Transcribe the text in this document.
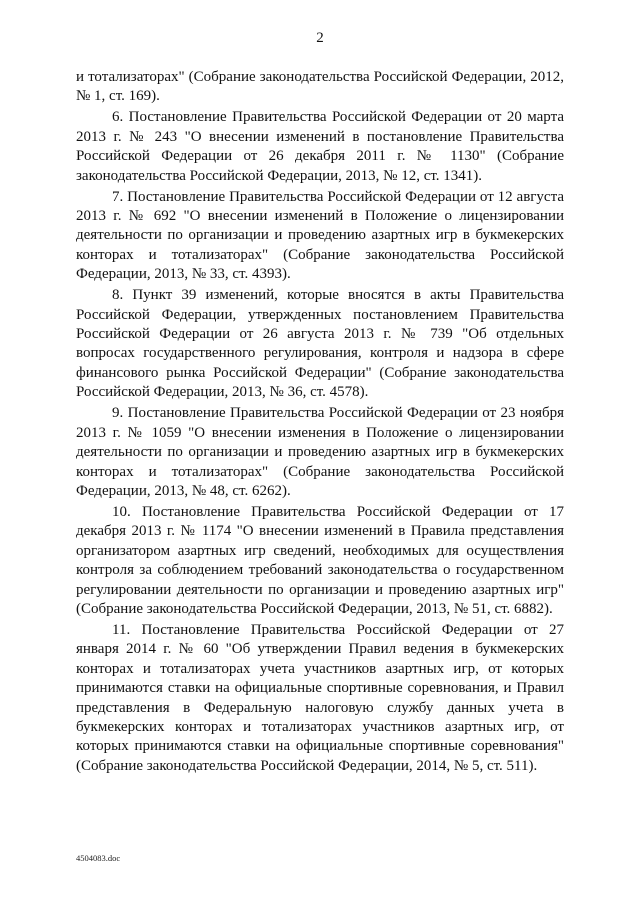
2

и тотализаторах" (Собрание законодательства Российской Федерации, 2012, № 1, ст. 169).

6. Постановление Правительства Российской Федерации от 20 марта 2013 г. № 243 "О внесении изменений в постановление Правительства Российской Федерации от 26 декабря 2011 г. № 1130" (Собрание законодательства Российской Федерации, 2013, № 12, ст. 1341).

7. Постановление Правительства Российской Федерации от 12 августа 2013 г. № 692 "О внесении изменений в Положение о лицензировании деятельности по организации и проведению азартных игр в букмекерских конторах и тотализаторах" (Собрание законодательства Российской Федерации, 2013, № 33, ст. 4393).

8. Пункт 39 изменений, которые вносятся в акты Правительства Российской Федерации, утвержденных постановлением Правительства Российской Федерации от 26 августа 2013 г. № 739 "Об отдельных вопросах государственного регулирования, контроля и надзора в сфере финансового рынка Российской Федерации" (Собрание законодательства Российской Федерации, 2013, № 36, ст. 4578).

9. Постановление Правительства Российской Федерации от 23 ноября 2013 г. № 1059 "О внесении изменения в Положение о лицензировании деятельности по организации и проведению азартных игр в букмекерских конторах и тотализаторах" (Собрание законодательства Российской Федерации, 2013, № 48, ст. 6262).

10. Постановление Правительства Российской Федерации от 17 декабря 2013 г. № 1174 "О внесении изменений в Правила представления организатором азартных игр сведений, необходимых для осуществления контроля за соблюдением требований законодательства о государственном регулировании деятельности по организации и проведению азартных игр" (Собрание законодательства Российской Федерации, 2013, № 51, ст. 6882).

11. Постановление Правительства Российской Федерации от 27 января 2014 г. № 60 "Об утверждении Правил ведения в букмекерских конторах и тотализаторах учета участников азартных игр, от которых принимаются ставки на официальные спортивные соревнования, и Правил представления в Федеральную налоговую службу данных учета в букмекерских конторах и тотализаторах участников азартных игр, от которых принимаются ставки на официальные спортивные соревнования" (Собрание законодательства Российской Федерации, 2014, № 5, ст. 511).

4504083.doc
